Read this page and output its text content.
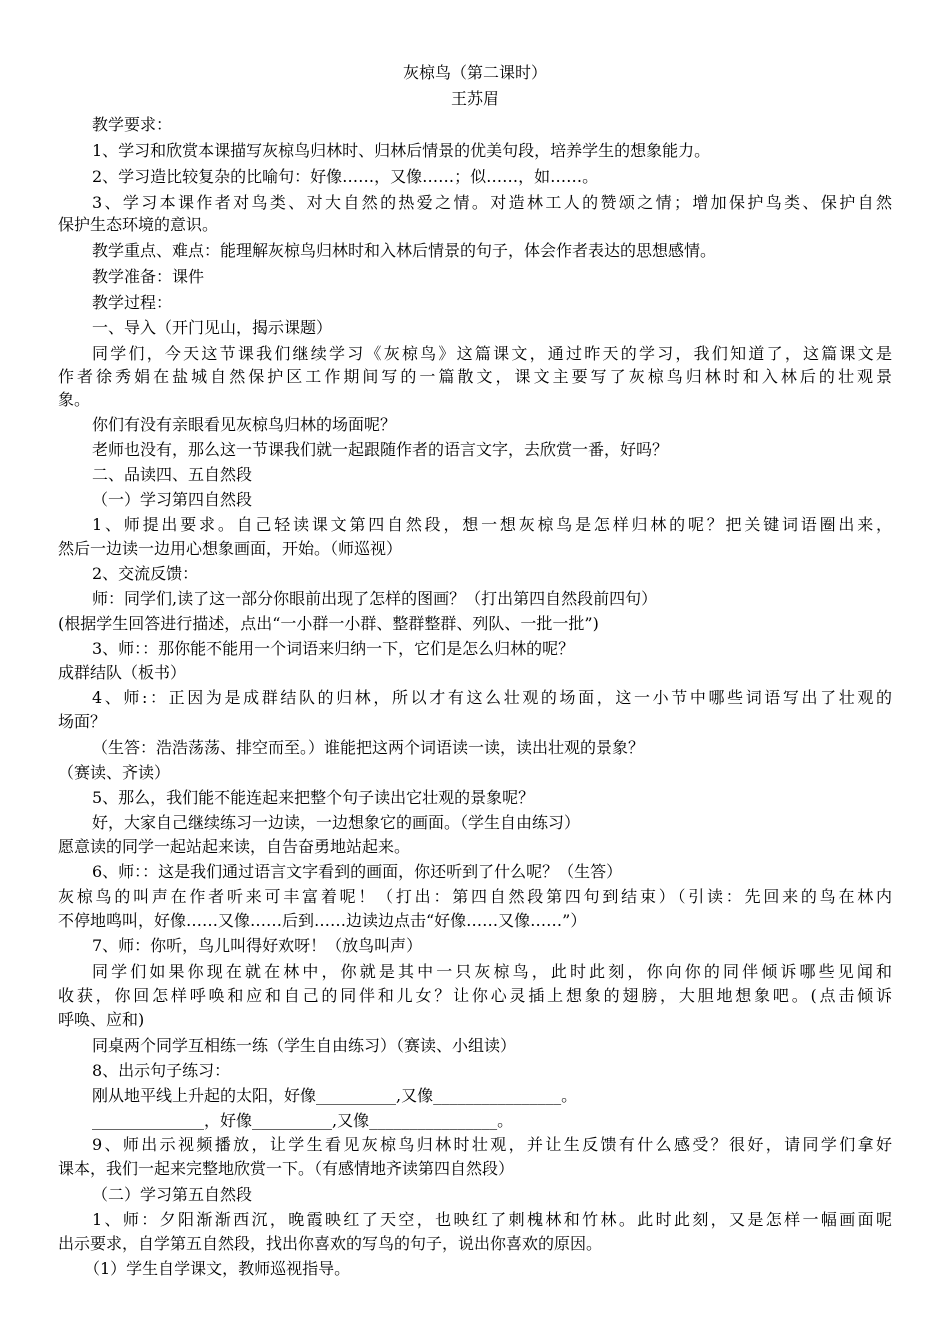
灰椋鸟（第二课时）
王苏眉
教学要求：
1、学习和欣赏本课描写灰椋鸟归林时、归林后情景的优美句段，培养学生的想象能力。
2、学习造比较复杂的比喻句：好像……，又像……；似……，如……。
3、学习本课作者对鸟类、对大自然的热爱之情。对造林工人的赞颂之情；增加保护鸟类、保护自然
保护生态环境的意识。
教学重点、难点：能理解灰椋鸟归林时和入林后情景的句子，体会作者表达的思想感情。
教学准备：课件
教学过程：
一、导入（开门见山，揭示课题）
同学们，今天这节课我们继续学习《灰椋鸟》这篇课文，通过昨天的学习，我们知道了，这篇课文是
作者徐秀娟在盐城自然保护区工作期间写的一篇散文，课文主要写了灰椋鸟归林时和入林后的壮观景
象。
你们有没有亲眼看见灰椋鸟归林的场面呢？
老师也没有，那么这一节课我们就一起跟随作者的语言文字，去欣赏一番，好吗？
二、品读四、五自然段
（一）学习第四自然段
1、师提出要求。自己轻读课文第四自然段，想一想灰椋鸟是怎样归林的呢？把关键词语圈出来，
然后一边读一边用心想象画面，开始。（师巡视）
2、交流反馈：
师：同学们,读了这一部分你眼前出现了怎样的图画？（打出第四自然段前四句）
(根据学生回答进行描述，点出“一小群一小群、整群整群、列队、一批一批”)
3、师：：那你能不能用一个词语来归纳一下，它们是怎么归林的呢？
成群结队（板书）
4、师:：正因为是成群结队的归林，所以才有这么壮观的场面，这一小节中哪些词语写出了壮观的
场面？
（生答：浩浩荡荡、排空而至。）谁能把这两个词语读一读，读出壮观的景象？
（赛读、齐读）
5、那么，我们能不能连起来把整个句子读出它壮观的景象呢？
好，大家自己继续练习一边读，一边想象它的画面。（学生自由练习）
愿意读的同学一起站起来读，自告奋勇地站起来。
6、师：：这是我们通过语言文字看到的画面，你还听到了什么呢？（生答）
灰椋鸟的叫声在作者听来可丰富着呢！（打出：第四自然段第四句到结束）（引读：先回来的鸟在林内
不停地鸣叫，好像……又像……后到……边读边点击“好像……又像……”）
7、师：你听，鸟儿叫得好欢呀！（放鸟叫声）
同学们如果你现在就在林中，你就是其中一只灰椋鸟，此时此刻，你向你的同伴倾诉哪些见闻和
收获，你回怎样呼唤和应和自己的同伴和儿女？让你心灵插上想象的翅膀，大胆地想象吧。(点击倾诉
呼唤、应和)
同桌两个同学互相练一练（学生自由练习）（赛读、小组读）
8、出示句子练习：
刚从地平线上升起的太阳，好像__________,又像________________。
______________，好像__________,又像________________。
9、师出示视频播放，让学生看见灰椋鸟归林时壮观，并让生反馈有什么感受？很好，请同学们拿好
课本，我们一起来完整地欣赏一下。（有感情地齐读第四自然段）
（二）学习第五自然段
1、师：夕阳渐渐西沉，晚霞映红了天空，也映红了刺槐林和竹林。此时此刻，又是怎样一幅画面呢
出示要求，自学第五自然段，找出你喜欢的写鸟的句子，说出你喜欢的原因。
（1）学生自学课文，教师巡视指导。
